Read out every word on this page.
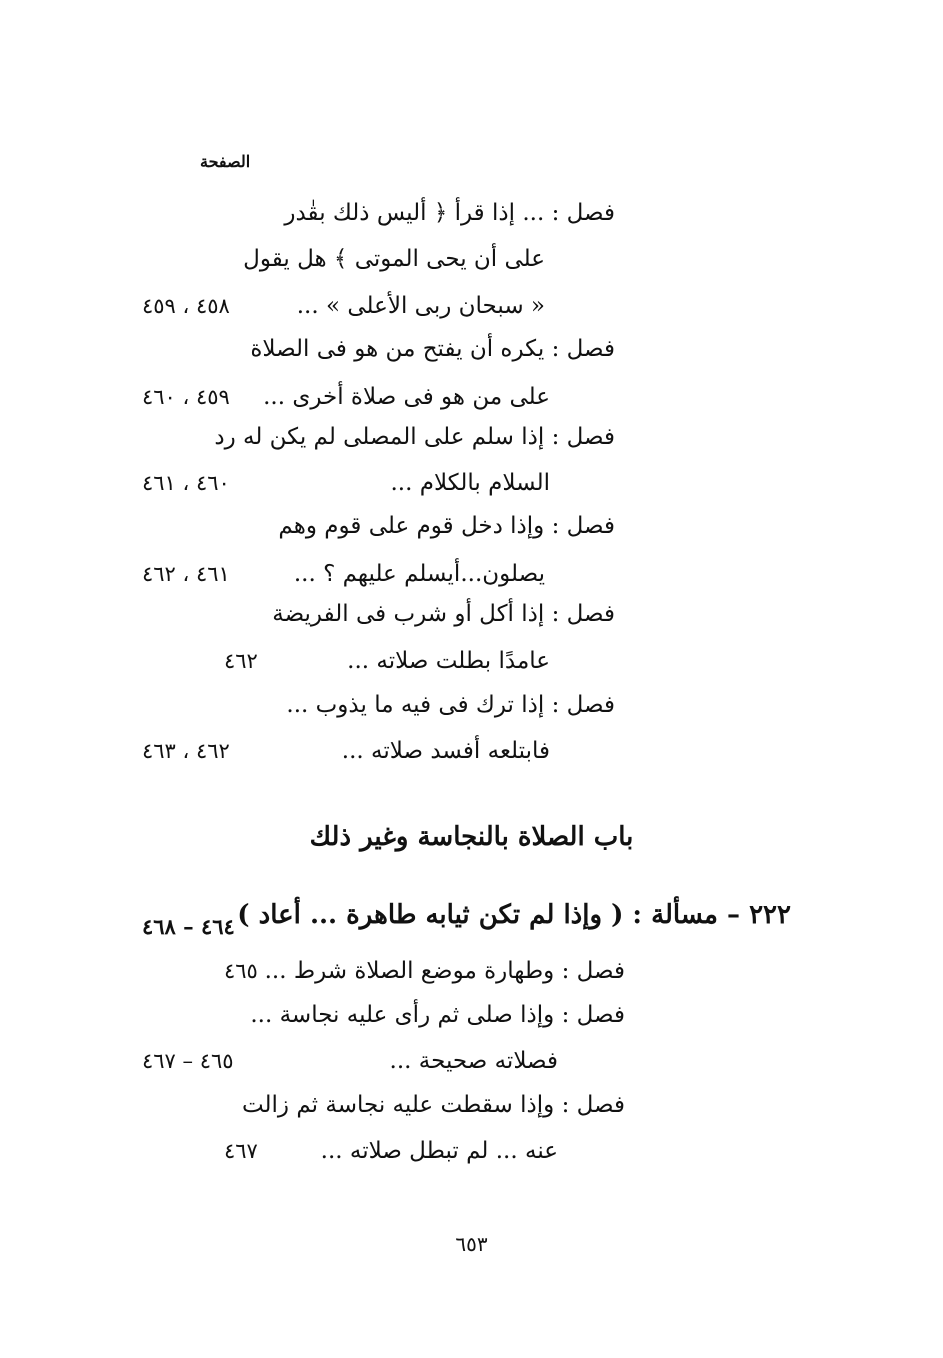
الصفحة
فصل : ... إذا قرأ ﴿ أليس ذلك بقٰدر
على أن يحى الموتى ﴾ هل يقول
« سبحان ربى الأعلى » ...
٤٥٨ ، ٤٥٩
فصل : يكره أن يفتح من هو فى الصلاة
على من هو فى صلاة أخرى ...
٤٥٩ ، ٤٦٠
فصل : إذا سلم على المصلى لم يكن له رد
السلام بالكلام ...
٤٦٠ ، ٤٦١
فصل : وإذا دخل قوم على قوم وهم
يصلون...أيسلم عليهم ؟ ...
٤٦١ ، ٤٦٢
فصل : إذا أكل أو شرب فى الفريضة
عامدًا بطلت صلاته ...
٤٦٢
فصل : إذا ترك فى فيه ما يذوب ...
فابتلعه أفسد صلاته ...
٤٦٢ ، ٤٦٣
باب الصلاة بالنجاسة وغير ذلك
٢٢٢ – مسألة : ( وإذا لم تكن ثيابه طاهرة ... أعاد )
٤٦٤ – ٤٦٨
فصل : وطهارة موضع الصلاة شرط ...
٤٦٥
فصل : وإذا صلى ثم رأى عليه نجاسة ...
فصلاته صحيحة ...
٤٦٥ – ٤٦٧
فصل : وإذا سقطت عليه نجاسة ثم زالت
عنه ... لم تبطل صلاته ...
٤٦٧
٦٥٣
